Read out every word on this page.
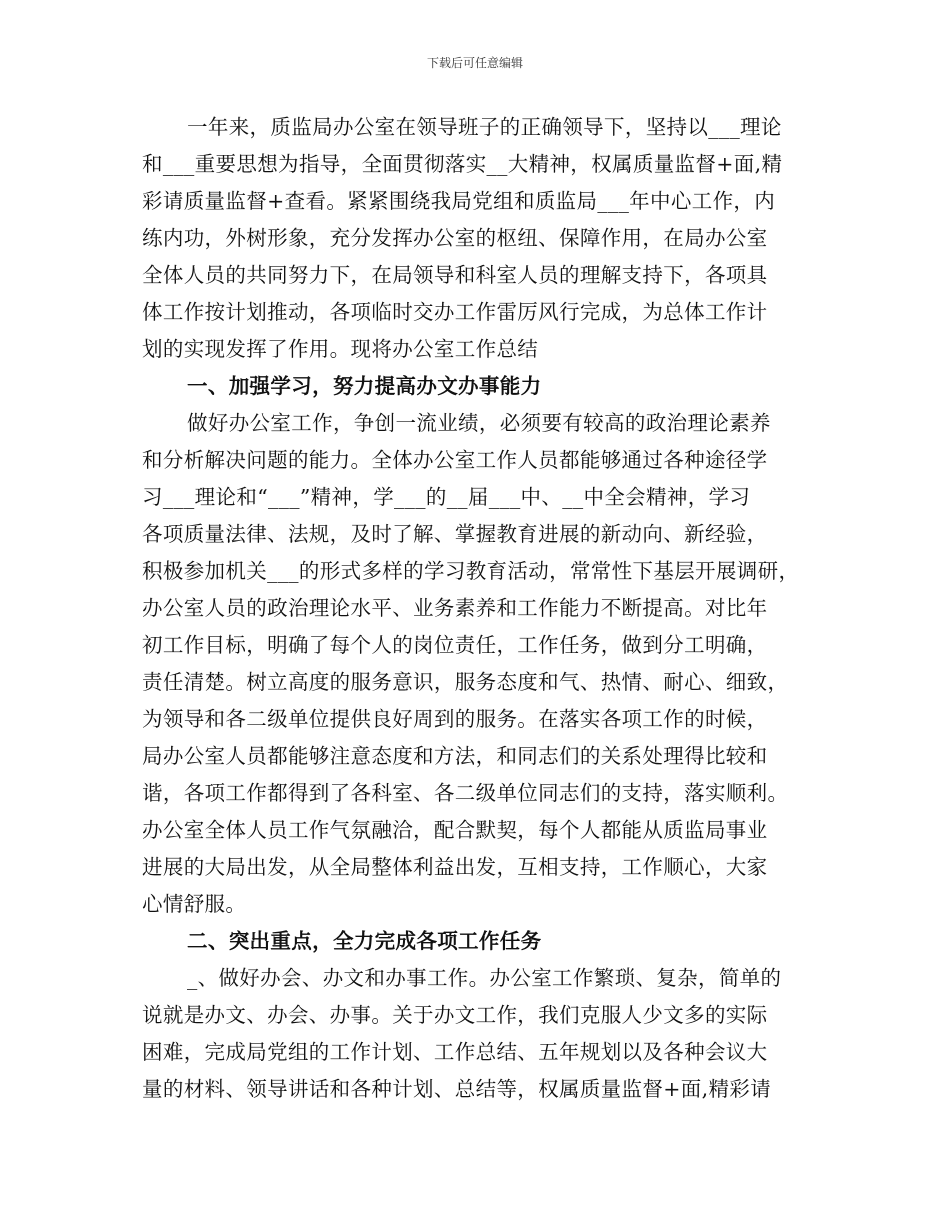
下载后可任意编辑
一年来，质监局办公室在领导班子的正确领导下，坚持以___理论
和___重要思想为指导，全面贯彻落实__大精神，权属质量监督+面,精
彩请质量监督+查看。紧紧围绕我局党组和质监局___年中心工作，内
练内功，外树形象，充分发挥办公室的枢纽、保障作用，在局办公室
全体人员的共同努力下，在局领导和科室人员的理解支持下，各项具
体工作按计划推动，各项临时交办工作雷厉风行完成，为总体工作计
划的实现发挥了作用。现将办公室工作总结
一、加强学习，努力提高办文办事能力
做好办公室工作，争创一流业绩，必须要有较高的政治理论素养
和分析解决问题的能力。全体办公室工作人员都能够通过各种途径学
习___理论和“___”精神，学___的__届___中、__中全会精神，学习
各项质量法律、法规，及时了解、掌握教育进展的新动向、新经验，
积极参加机关___的形式多样的学习教育活动，常常性下基层开展调研，
办公室人员的政治理论水平、业务素养和工作能力不断提高。对比年
初工作目标，明确了每个人的岗位责任，工作任务，做到分工明确，
责任清楚。树立高度的服务意识，服务态度和气、热情、耐心、细致，
为领导和各二级单位提供良好周到的服务。在落实各项工作的时候，
局办公室人员都能够注意态度和方法，和同志们的关系处理得比较和
谐，各项工作都得到了各科室、各二级单位同志们的支持，落实顺利。
办公室全体人员工作气氛融洽，配合默契，每个人都能从质监局事业
进展的大局出发，从全局整体利益出发，互相支持，工作顺心，大家
心情舒服。
二、突出重点，全力完成各项工作任务
_、做好办会、办文和办事工作。办公室工作繁琐、复杂，简单的
说就是办文、办会、办事。关于办文工作，我们克服人少文多的实际
困难，完成局党组的工作计划、工作总结、五年规划以及各种会议大
量的材料、领导讲话和各种计划、总结等，权属质量监督+面,精彩请
